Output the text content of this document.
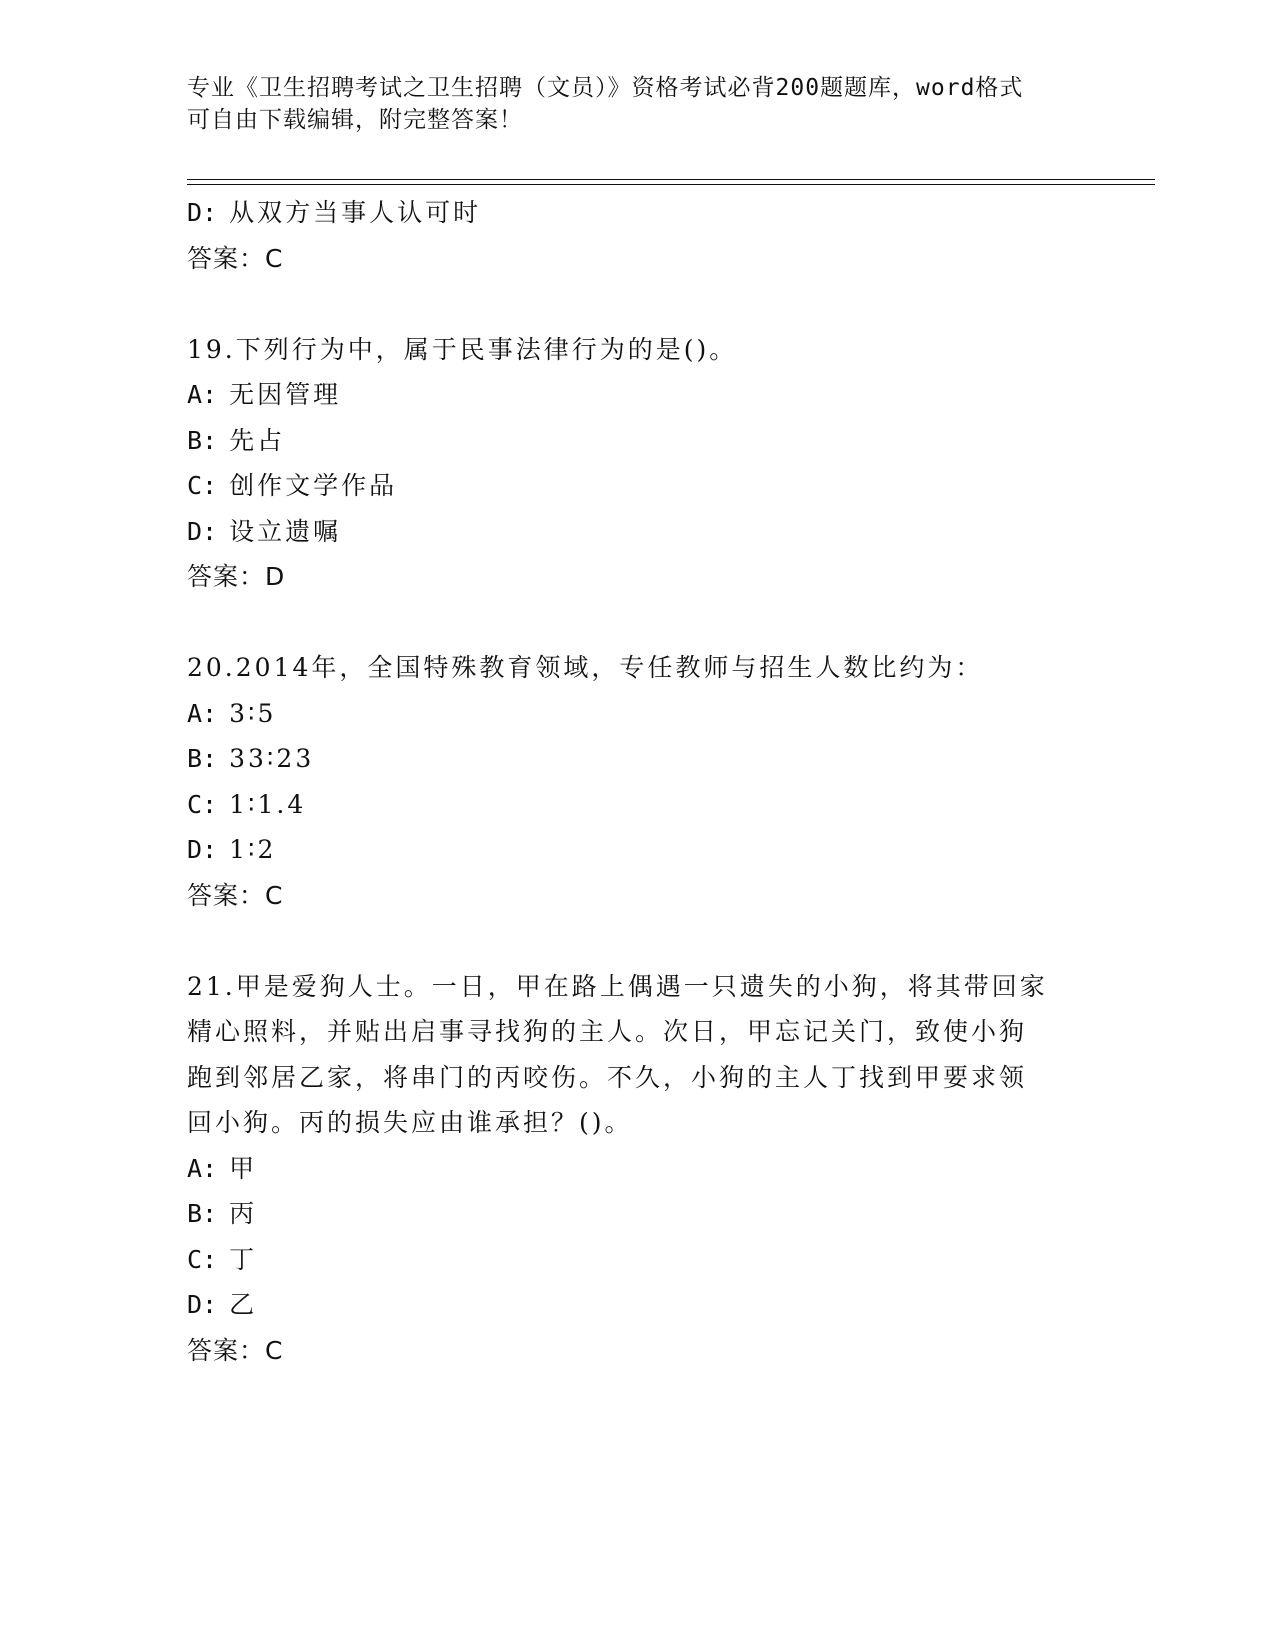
专业《卫生招聘考试之卫生招聘（文员）》资格考试必背200题题库，word格式
可自由下载编辑，附完整答案！
D: 从双方当事人认可时
答案：C
19.下列行为中，属于民事法律行为的是()。
A: 无因管理
B: 先占
C: 创作文学作品
D: 设立遗嘱
答案：D
20.2014年，全国特殊教育领域，专任教师与招生人数比约为：
A: 3∶5
B: 33∶23
C: 1∶1.4
D: 1∶2
答案：C
21.甲是爱狗人士。一日，甲在路上偶遇一只遗失的小狗，将其带回家
精心照料，并贴出启事寻找狗的主人。次日，甲忘记关门，致使小狗
跑到邻居乙家，将串门的丙咬伤。不久，小狗的主人丁找到甲要求领
回小狗。丙的损失应由谁承担？()。
A: 甲
B: 丙
C: 丁
D: 乙
答案：C
